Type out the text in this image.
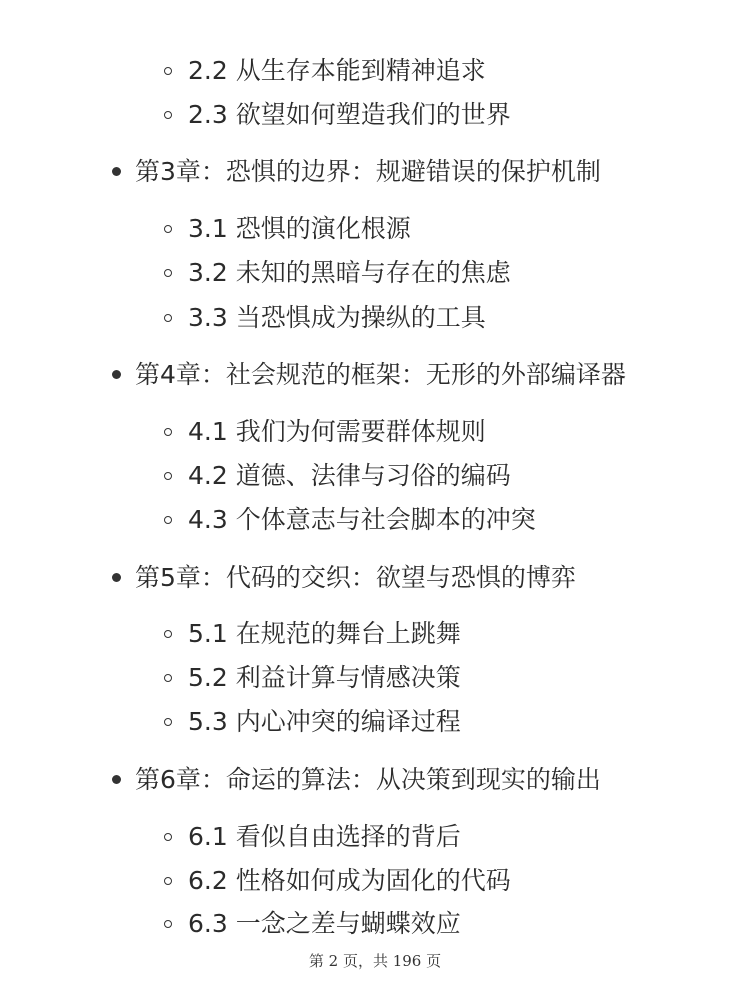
2.2 从生存本能到精神追求
2.3 欲望如何塑造我们的世界
第3章：恐惧的边界：规避错误的保护机制
3.1 恐惧的演化根源
3.2 未知的黑暗与存在的焦虑
3.3 当恐惧成为操纵的工具
第4章：社会规范的框架：无形的外部编译器
4.1 我们为何需要群体规则
4.2 道德、法律与习俗的编码
4.3 个体意志与社会脚本的冲突
第5章：代码的交织：欲望与恐惧的博弈
5.1 在规范的舞台上跳舞
5.2 利益计算与情感决策
5.3 内心冲突的编译过程
第6章：命运的算法：从决策到现实的输出
6.1 看似自由选择的背后
6.2 性格如何成为固化的代码
6.3 一念之差与蝴蝶效应
第 2 页，共 196 页
